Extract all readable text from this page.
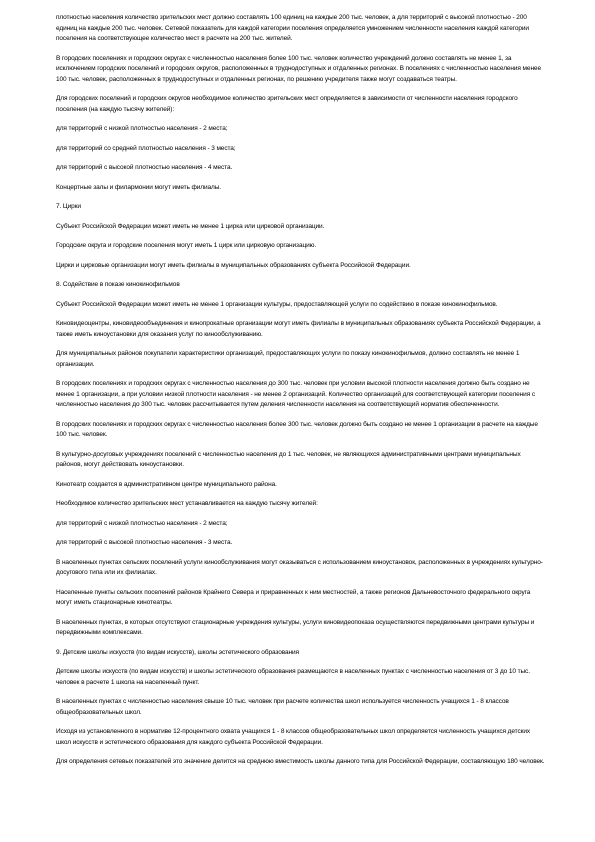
плотностью населения количество зрительских мест должно составлять 100 единиц на каждые 200 тыс. человек, а для территорий с высокой плотностью - 200 единиц на каждые 200 тыс. человек. Сетевой показатель для каждой категории поселения определяется умножением численности населения каждой категории поселения на соответствующее количество мест в расчете на 200 тыс. жителей.

В городских поселениях и городских округах с численностью населения более 100 тыс. человек количество учреждений должно составлять не менее 1, за исключением городских поселений и городских округов, расположенных в труднодоступных и отдаленных регионах. В поселениях с численностью населения менее 100 тыс. человек, расположенных в труднодоступных и отдаленных регионах, по решению учредителя также могут создаваться театры.

Для городских поселений и городских округов необходимое количество зрительских мест определяется в зависимости от численности населения городского поселения (на каждую тысячу жителей):

для территорий с низкой плотностью населения - 2 места;

для территорий со средней плотностью населения - 3 места;

для территорий с высокой плотностью населения - 4 места.

Концертные залы и филармонии могут иметь филиалы.

7. Цирки

Субъект Российской Федерации может иметь не менее 1 цирка или цирковой организации.

Городские округа и городские поселения могут иметь 1 цирк или цирковую организацию.

Цирки и цирковые организации могут иметь филиалы в муниципальных образованиях субъекта Российской Федерации.

8. Содействие в показе кинокинофильмов

Субъект Российской Федерации может иметь не менее 1 организации культуры, предоставляющей услуги по содействию в показе кинокинофильмов.

Киновидеоцентры, киновидеообъединения и кинопрокатные организации могут иметь филиалы в муниципальных образованиях субъекта Российской Федерации, а также иметь киноустановки для оказания услуг по кинообслуживанию.

Для муниципальных районов покупатели характеристики организаций, предоставляющих услуги по показу кинокинофильмов, должно составлять не менее 1 организации.

В городских поселениях и городских округах с численностью населения до 300 тыс. человек при условии высокой плотности населения должно быть создано не менее 1 организации, а при условии низкой плотности населения - не менее 2 организаций. Количество организаций для соответствующей категории поселения с численностью населения до 300 тыс. человек рассчитывается путем деления численности населения на соответствующий норматив обеспеченности.

В городских поселениях и городских округах с численностью населения более 300 тыс. человек должно быть создано не менее 1 организации в расчете на каждые 100 тыс. человек.

В культурно-досуговых учреждениях поселений с численностью населения до 1 тыс. человек, не являющихся административными центрами муниципальных районов, могут действовать киноустановки.

Кинотеатр создается в административном центре муниципального района.

Необходимое количество зрительских мест устанавливается на каждую тысячу жителей:

для территорий с низкой плотностью населения - 2 места;

для территорий с высокой плотностью населения - 3 места.

В населенных пунктах сельских поселений услуги кинообслуживания могут оказываться с использованием киноустановок, расположенных в учреждениях культурно-досугового типа или их филиалах.

Населенные пункты сельских поселений районов Крайнего Севера и приравненных к ним местностей, а также регионов Дальневосточного федерального округа могут иметь стационарные кинотеатры.

В населенных пунктах, в которых отсутствуют стационарные учреждения культуры, услуги киновидеопоказа осуществляются передвижными центрами культуры и передвижными комплексами.

9. Детские школы искусств (по видам искусств), школы эстетического образования

Детские школы искусств (по видам искусств) и школы эстетического образования размещаются в населенных пунктах с численностью населения от 3 до 10 тыс. человек в расчете 1 школа на населенный пункт.

В населенных пунктах с численностью населения свыше 10 тыс. человек при расчете количества школ используется численность учащихся 1 - 8 классов общеобразовательных школ.

Исходя из установленного в нормативе 12-процентного охвата учащихся 1 - 8 классов общеобразовательных школ определяется численность учащихся детских школ искусств и эстетического образования для каждого субъекта Российской Федерации.

Для определения сетевых показателей это значение делится на среднюю вместимость школы данного типа для Российской Федерации, составляющую 180 человек.
